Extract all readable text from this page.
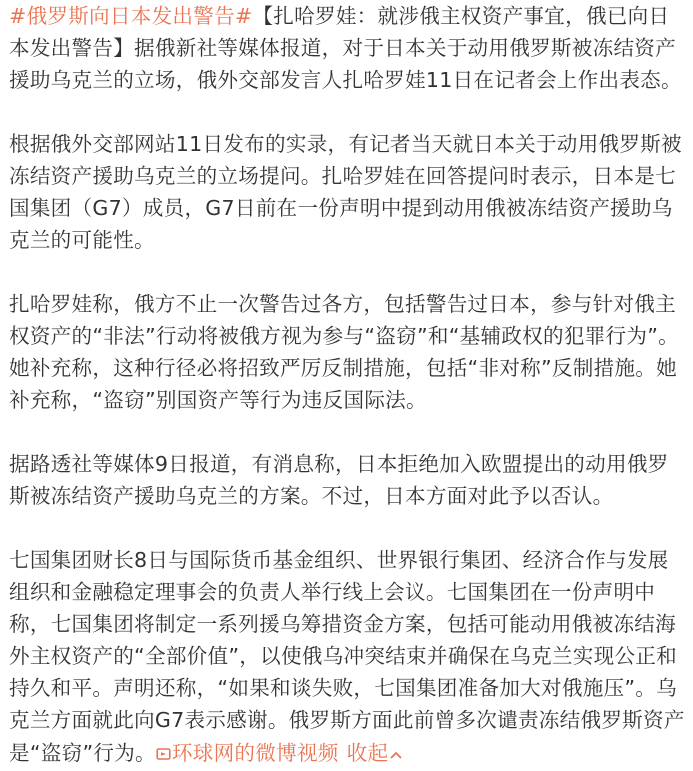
#俄罗斯向日本发出警告#【扎哈罗娃：就涉俄主权资产事宜，俄已向日本发出警告】据俄新社等媒体报道，对于日本关于动用俄罗斯被冻结资产援助乌克兰的立场，俄外交部发言人扎哈罗娃11日在记者会上作出表态。

根据俄外交部网站11日发布的实录，有记者当天就日本关于动用俄罗斯被冻结资产援助乌克兰的立场提问。扎哈罗娃在回答提问时表示，日本是七国集团（G7）成员，G7日前在一份声明中提到动用俄被冻结资产援助乌克兰的可能性。

扎哈罗娃称，俄方不止一次警告过各方，包括警告过日本，参与针对俄主权资产的“非法”行动将被俄方视为参与“盗窃”和“基辅政权的犯罪行为”。她补充称，这种行径必将招致严厉反制措施，包括“非对称”反制措施。她补充称，“盗窃”别国资产等行为违反国际法。

据路透社等媒体9日报道，有消息称，日本拒绝加入欧盟提出的动用俄罗斯被冻结资产援助乌克兰的方案。不过，日本方面对此予以否认。

七国集团财长8日与国际货币基金组织、世界银行集团、经济合作与发展组织和金融稳定理事会的负责人举行线上会议。七国集团在一份声明中称，七国集团将制定一系列援乌筹措资金方案，包括可能动用俄被冻结海外主权资产的“全部价值”，以使俄乌冲突结束并确保在乌克兰实现公正和持久和平。声明还称，“如果和谈失败，七国集团准备加大对俄施压”。乌克兰方面就此向G7表示感谢。俄罗斯方面此前曾多次谴责冻结俄罗斯资产是“盗窃”行为。 环球网的微博视频 收起
